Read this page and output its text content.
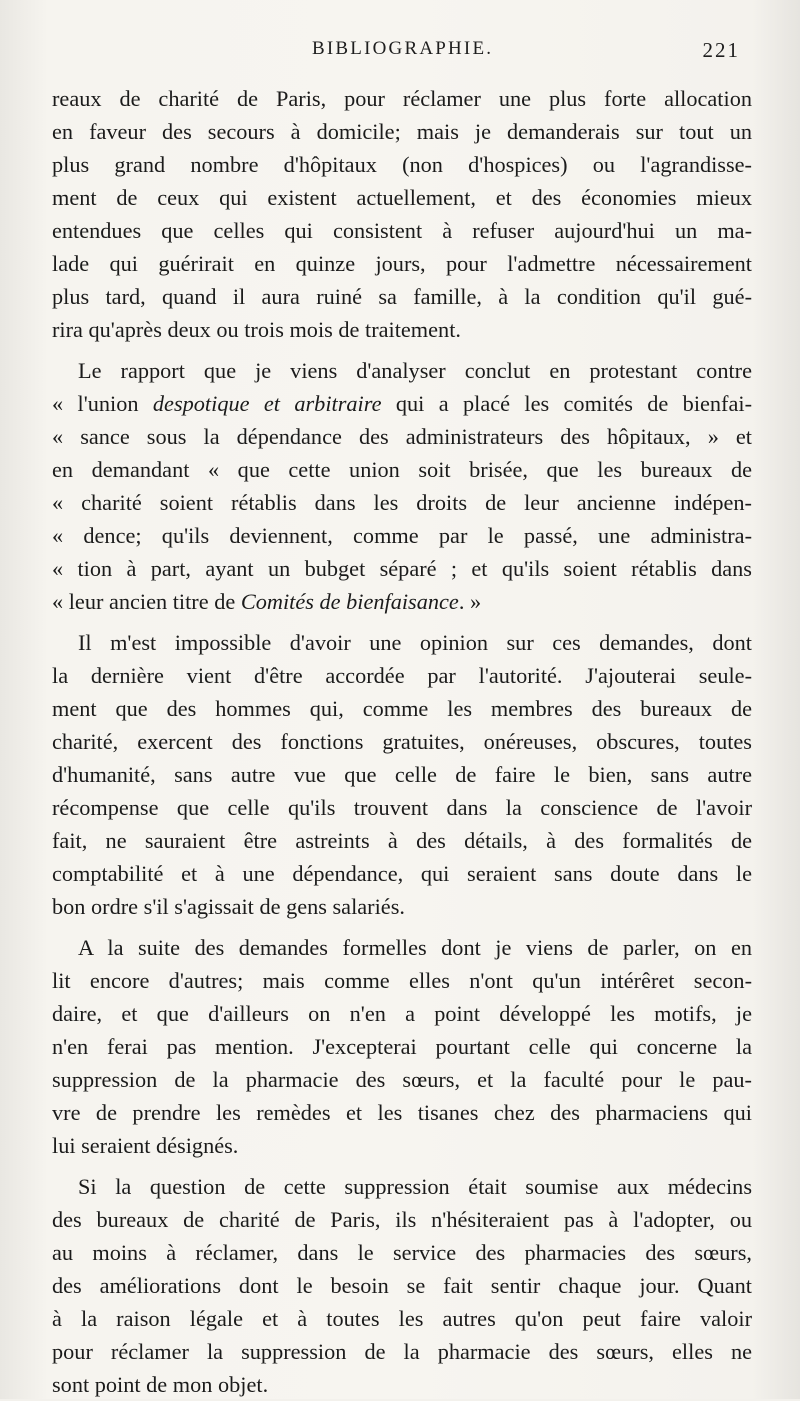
BIBLIOGRAPHIE.	221
reaux de charité de Paris, pour réclamer une plus forte allocation
en faveur des secours à domicile; mais je demanderais sur tout un
plus grand nombre d'hôpitaux (non d'hospices) ou l'agrandisse-
ment de ceux qui existent actuellement, et des économies mieux
entendues que celles qui consistent à refuser aujourd'hui un ma-
lade qui guérirait en quinze jours, pour l'admettre nécessairement
plus tard, quand il aura ruiné sa famille, à la condition qu'il gué-
rira qu'après deux ou trois mois de traitement.
Le rapport que je viens d'analyser conclut en protestant contre
« l'union despotique et arbitraire qui a placé les comités de bienfai-
« sance sous la dépendance des administrateurs des hôpitaux, » et
en demandant « que cette union soit brisée, que les bureaux de
« charité soient rétablis dans les droits de leur ancienne indépen-
« dence; qu'ils deviennent, comme par le passé, une administra-
« tion à part, ayant un bubget séparé ; et qu'ils soient rétablis dans
« leur ancien titre de Comités de bienfaisance. »
Il m'est impossible d'avoir une opinion sur ces demandes, dont
la dernière vient d'être accordée par l'autorité. J'ajouterai seule-
ment que des hommes qui, comme les membres des bureaux de
charité, exercent des fonctions gratuites, onéreuses, obscures, toutes
d'humanité, sans autre vue que celle de faire le bien, sans autre
récompense que celle qu'ils trouvent dans la conscience de l'avoir
fait, ne sauraient être astreints à des détails, à des formalités de
comptabilité et à une dépendance, qui seraient sans doute dans le
bon ordre s'il s'agissait de gens salariés.
A la suite des demandes formelles dont je viens de parler, on en
lit encore d'autres; mais comme elles n'ont qu'un intérêret secon-
daire, et que d'ailleurs on n'en a point développé les motifs, je
n'en ferai pas mention. J'excepterai pourtant celle qui concerne la
suppression de la pharmacie des sœurs, et la faculté pour le pau-
vre de prendre les remèdes et les tisanes chez des pharmaciens qui
lui seraient désignés.
Si la question de cette suppression était soumise aux médecins
des bureaux de charité de Paris, ils n'hésiteraient pas à l'adopter, ou
au moins à réclamer, dans le service des pharmacies des sœurs,
des améliorations dont le besoin se fait sentir chaque jour. Quant
à la raison légale et à toutes les autres qu'on peut faire valoir
pour réclamer la suppression de la pharmacie des sœurs, elles ne
sont point de mon objet.
